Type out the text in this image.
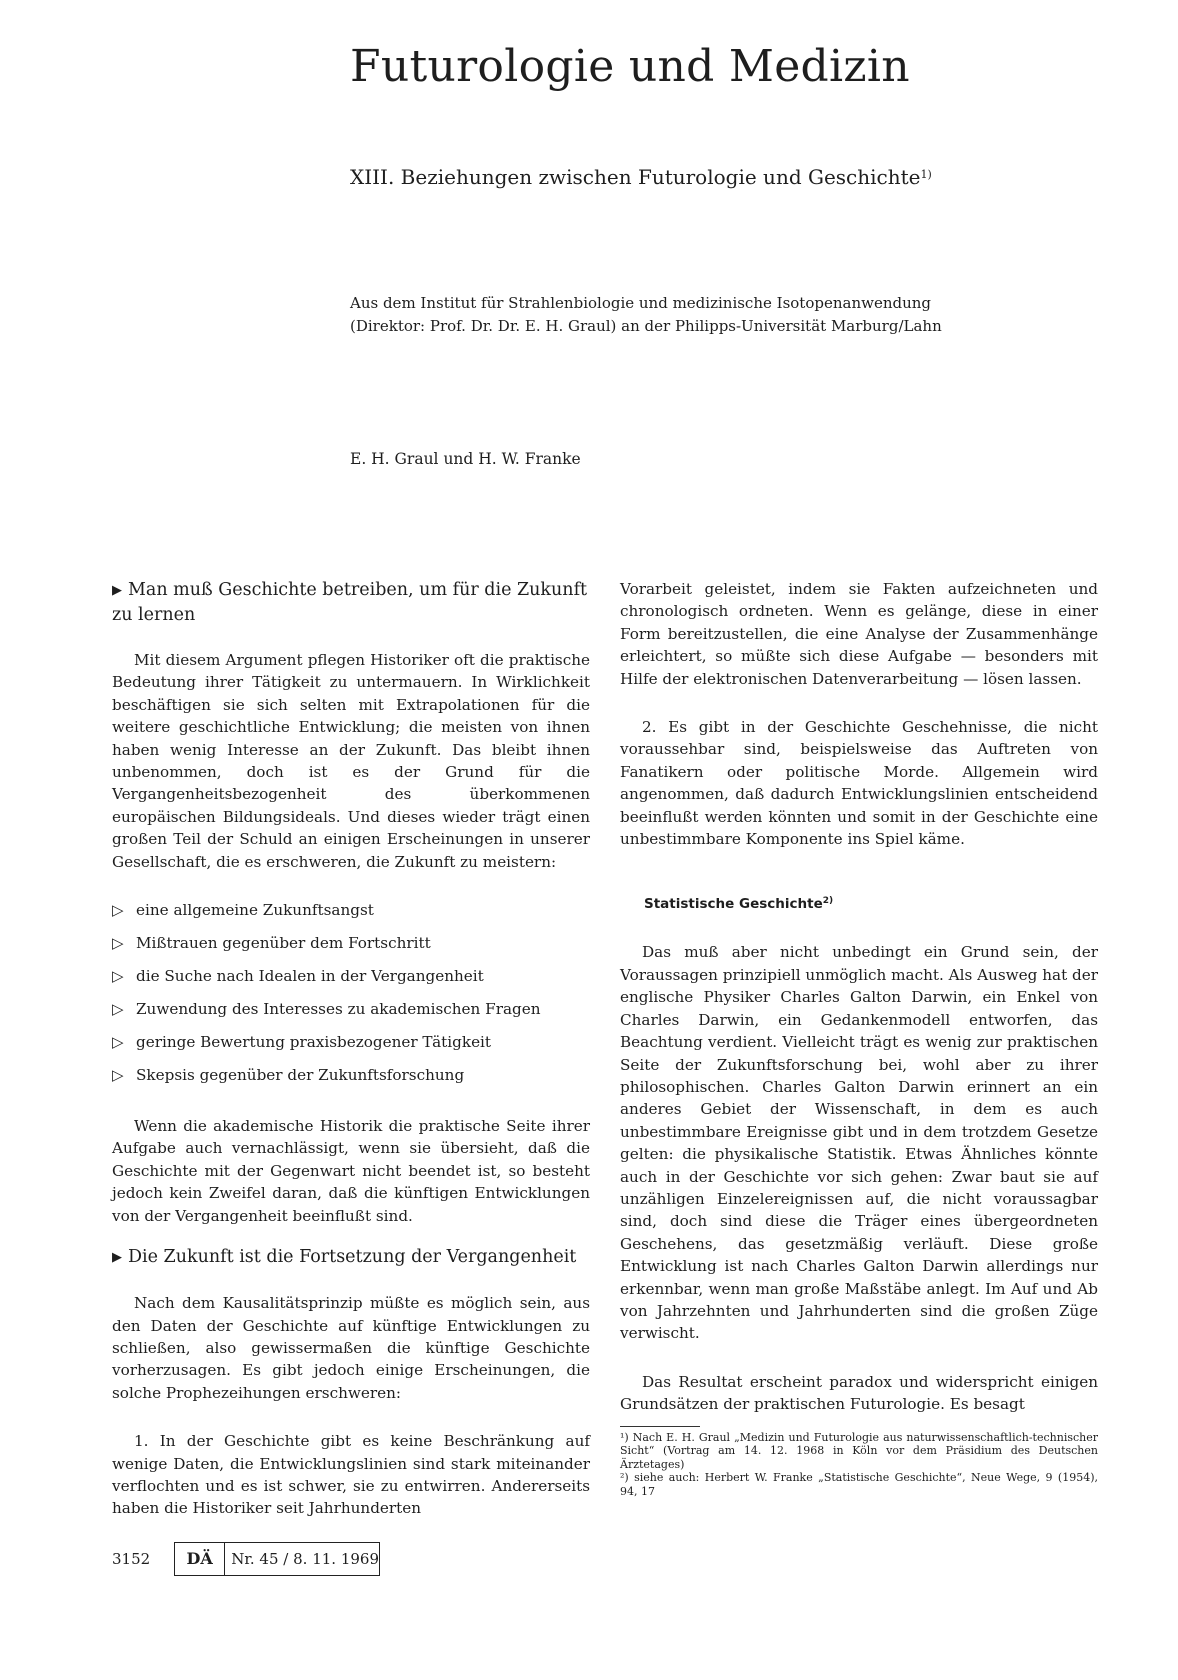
Futurologie und Medizin
XIII. Beziehungen zwischen Futurologie und Geschichte$^{1)}$
Aus dem Institut für Strahlenbiologie und medizinische Isotopenanwendung
(Direktor: Prof. Dr. Dr. E. H. Graul) an der Philipps-Universität Marburg/Lahn
E. H. Graul und H. W. Franke
▶ Man muß Geschichte betreiben, um für die Zukunft zu lernen

Mit diesem Argument pflegen Historiker oft die praktische Bedeutung ihrer Tätigkeit zu untermauern. In Wirklichkeit beschäftigen sie sich selten mit Extrapolationen für die weitere geschichtliche Entwicklung; die meisten von ihnen haben wenig Interesse an der Zukunft. Das bleibt ihnen unbenommen, doch ist es der Grund für die Vergangenheitsbezogenheit des überkommenen europäischen Bildungsideals. Und dieses wieder trägt einen großen Teil der Schuld an einigen Erscheinungen in unserer Gesellschaft, die es erschweren, die Zukunft zu meistern:

▷ eine allgemeine Zukunftsangst
▷ Mißtrauen gegenüber dem Fortschritt
▷ die Suche nach Idealen in der Vergangenheit
▷ Zuwendung des Interesses zu akademischen Fragen
▷ geringe Bewertung praxisbezogener Tätigkeit
▷ Skepsis gegenüber der Zukunftsforschung

Wenn die akademische Historik die praktische Seite ihrer Aufgabe auch vernachlässigt, wenn sie übersieht, daß die Geschichte mit der Gegenwart nicht beendet ist, so besteht jedoch kein Zweifel daran, daß die künftigen Entwicklungen von der Vergangenheit beeinflußt sind.

▶ Die Zukunft ist die Fortsetzung der Vergangenheit

Nach dem Kausalitätsprinzip müßte es möglich sein, aus den Daten der Geschichte auf künftige Entwicklungen zu schließen, also gewissermaßen die künftige Geschichte vorherzusagen. Es gibt jedoch einige Erscheinungen, die solche Prophezeihungen erschweren:

1. In der Geschichte gibt es keine Beschränkung auf wenige Daten, die Entwicklungslinien sind stark miteinander verflochten und es ist schwer, sie zu entwirren. Andererseits haben die Historiker seit Jahrhunderten

Vorarbeit geleistet, indem sie Fakten aufzeichneten und chronologisch ordneten. Wenn es gelänge, diese in einer Form bereitzustellen, die eine Analyse der Zusammenhänge erleichtert, so müßte sich diese Aufgabe — besonders mit Hilfe der elektronischen Datenverarbeitung — lösen lassen.

2. Es gibt in der Geschichte Geschehnisse, die nicht voraussehbar sind, beispielsweise das Auftreten von Fanatikern oder politische Morde. Allgemein wird angenommen, daß dadurch Entwicklungslinien entscheidend beeinflußt werden könnten und somit in der Geschichte eine unbestimmbare Komponente ins Spiel käme.

Statistische Geschichte$^{2)}$

Das muß aber nicht unbedingt ein Grund sein, der Voraussagen prinzipiell unmöglich macht. Als Ausweg hat der englische Physiker Charles Galton Darwin, ein Enkel von Charles Darwin, ein Gedankenmodell entworfen, das Beachtung verdient. Vielleicht trägt es wenig zur praktischen Seite der Zukunftsforschung bei, wohl aber zu ihrer philosophischen. Charles Galton Darwin erinnert an ein anderes Gebiet der Wissenschaft, in dem es auch unbestimmbare Ereignisse gibt und in dem trotzdem Gesetze gelten: die physikalische Statistik. Etwas Ähnliches könnte auch in der Geschichte vor sich gehen: Zwar baut sie auf unzähligen Einzelereignissen auf, die nicht voraussagbar sind, doch sind diese die Träger eines übergeordneten Geschehens, das gesetzmäßig verläuft. Diese große Entwicklung ist nach Charles Galton Darwin allerdings nur erkennbar, wenn man große Maßstäbe anlegt. Im Auf und Ab von Jahrzehnten und Jahrhunderten sind die großen Züge verwischt.

Das Resultat erscheint paradox und widerspricht einigen Grundsätzen der praktischen Futurologie. Es besagt

¹) Nach E. H. Graul „Medizin und Futurologie aus naturwissenschaftlich-technischer Sicht“ (Vortrag am 14. 12. 1968 in Köln vor dem Präsidium des Deutschen Ärztetages)
²) siehe auch: Herbert W. Franke „Statistische Geschichte“, Neue Wege, 9 (1954), 94, 17
3152	DÄ	Nr. 45 / 8. 11. 1969
